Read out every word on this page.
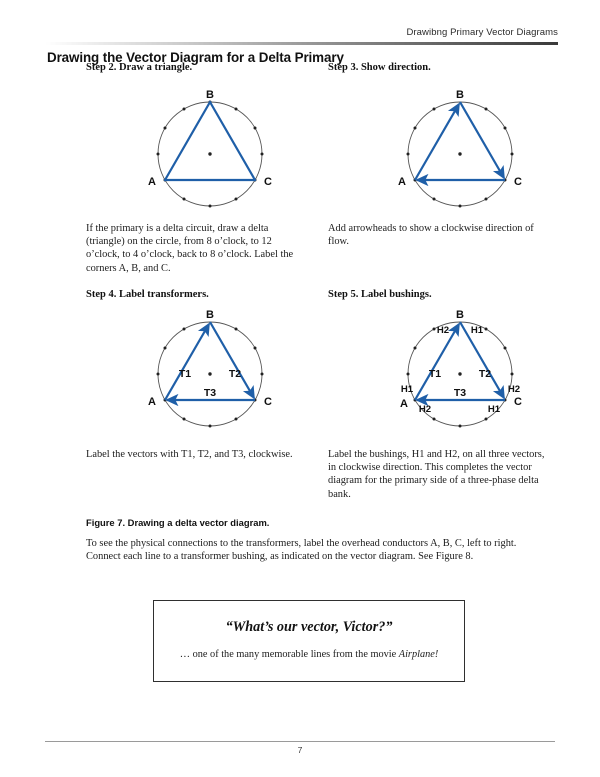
Drawibng Primary Vector Diagrams
Drawing the Vector Diagram for a Delta Primary
Step 2. Draw a triangle.
B
A	C
If the primary is a delta circuit, draw a delta (triangle) on the circle, from 8 o’clock, to 12 o’clock, to 4 o’clock, back to 8 o’clock. Label the corners A, B, and C.
Step 3. Show direction.
B
A	C
Add arrowheads to show a clockwise direction of flow.
Step 4. Label transformers.
B
A	C
T1	T2
T3
Label the vectors with T1, T2, and T3, clockwise.
Step 5. Label bushings.
B
A	C
T1	T2
T3
H2 H1
H1
H2
H2
H1
Label the bushings, H1 and H2, on all three vectors, in clockwise direction. This completes the vector diagram for the primary side of a three-phase delta bank.
Figure 7. Drawing a delta vector diagram.
To see the physical connections to the transformers, label the overhead conductors A, B, C, left to right. Connect each line to a transformer bushing, as indicated on the vector diagram. See Figure 8.
“What’s our vector, Victor?”
… one of the many memorable lines from the movie Airplane!
7
